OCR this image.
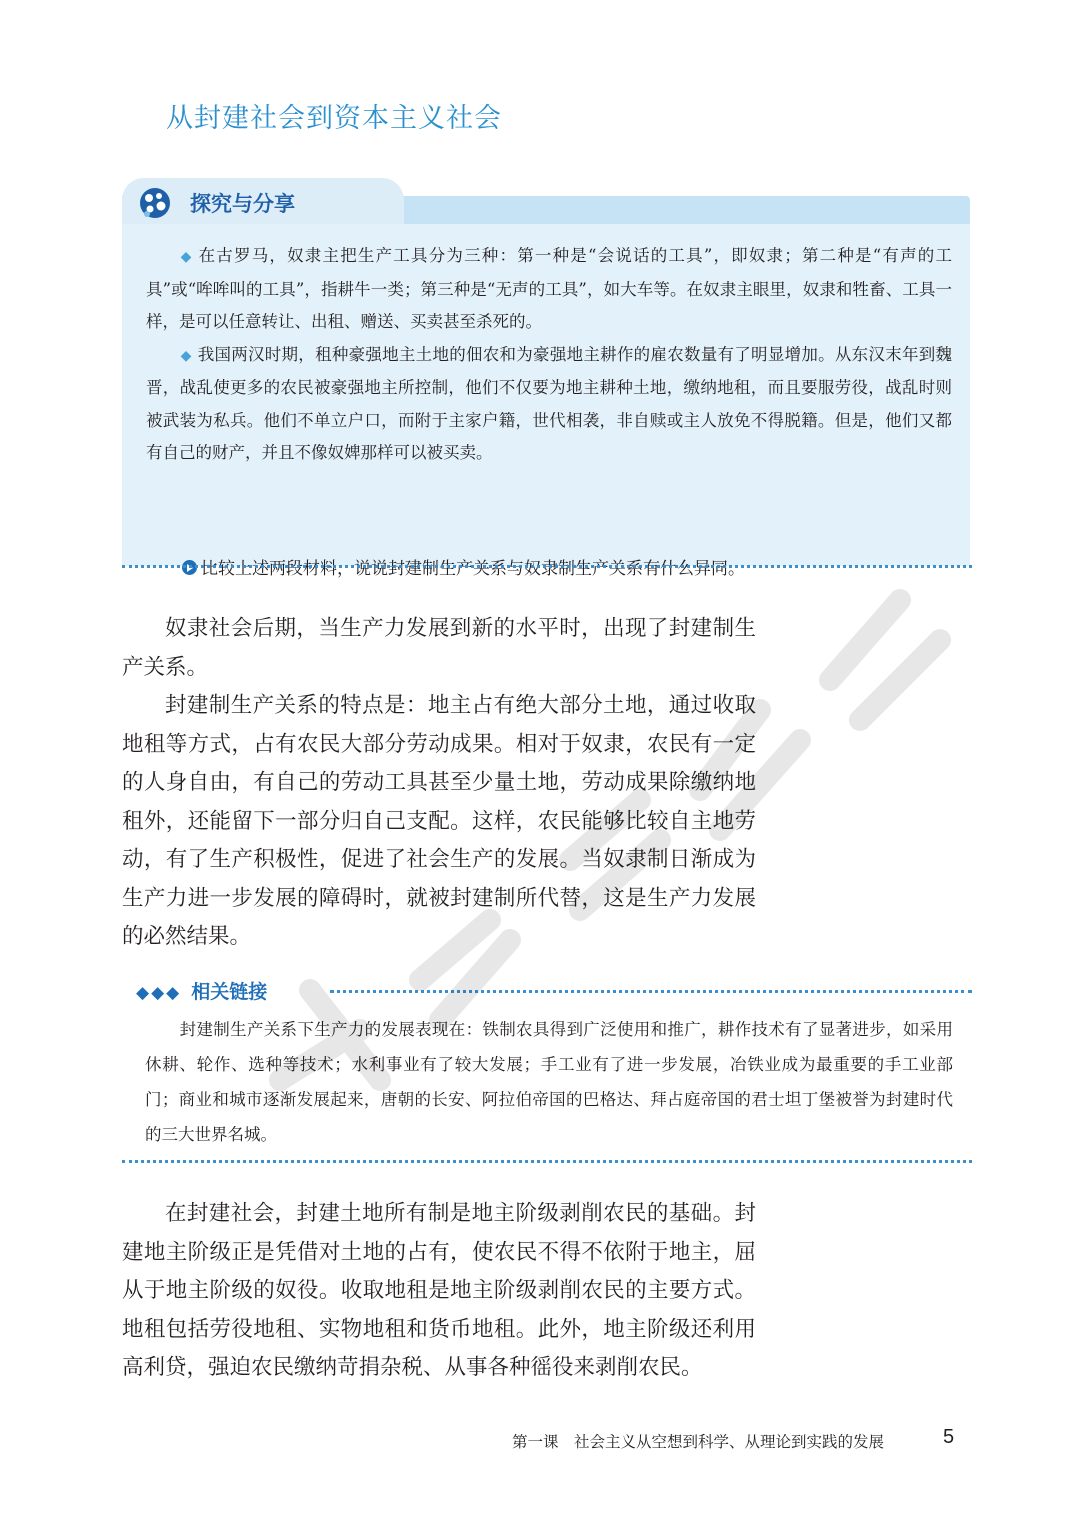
从封建社会到资本主义社会
探究与分享

◆ 在古罗马，奴隶主把生产工具分为三种：第一种是“会说话的工具”，即奴隶；第二种是“有声的工具”或“哞哞叫的工具”，指耕牛一类；第三种是“无声的工具”，如大车等。在奴隶主眼里，奴隶和牲畜、工具一样，是可以任意转让、出租、赠送、买卖甚至杀死的。

◆ 我国两汉时期，租种豪强地主土地的佃农和为豪强地主耕作的雇农数量有了明显增加。从东汉末年到魏晋，战乱使更多的农民被豪强地主所控制，他们不仅要为地主耕种土地，缴纳地租，而且要服劳役，战乱时则被武装为私兵。他们不单立户口，而附于主家户籍，世代相袭，非自赎或主人放免不得脱籍。但是，他们又都有自己的财产，并且不像奴婢那样可以被买卖。

比较上述两段材料，说说封建制生产关系与奴隶制生产关系有什么异同。

奴隶社会后期，当生产力发展到新的水平时，出现了封建制生产关系。

封建制生产关系的特点是：地主占有绝大部分土地，通过收取地租等方式，占有农民大部分劳动成果。相对于奴隶，农民有一定的人身自由，有自己的劳动工具甚至少量土地，劳动成果除缴纳地租外，还能留下一部分归自己支配。这样，农民能够比较自主地劳动，有了生产积极性，促进了社会生产的发展。当奴隶制日渐成为生产力进一步发展的障碍时，就被封建制所代替，这是生产力发展的必然结果。

◆◆◆ 相关链接

封建制生产关系下生产力的发展表现在：铁制农具得到广泛使用和推广，耕作技术有了显著进步，如采用休耕、轮作、选种等技术；水利事业有了较大发展；手工业有了进一步发展，冶铁业成为最重要的手工业部门；商业和城市逐渐发展起来，唐朝的长安、阿拉伯帝国的巴格达、拜占庭帝国的君士坦丁堡被誉为封建时代的三大世界名城。

在封建社会，封建土地所有制是地主阶级剥削农民的基础。封建地主阶级正是凭借对土地的占有，使农民不得不依附于地主，屈从于地主阶级的奴役。收取地租是地主阶级剥削农民的主要方式。地租包括劳役地租、实物地租和货币地租。此外，地主阶级还利用高利贷，强迫农民缴纳苛捐杂税、从事各种徭役来剥削农民。

第一课　社会主义从空想到科学、从理论到实践的发展	5
